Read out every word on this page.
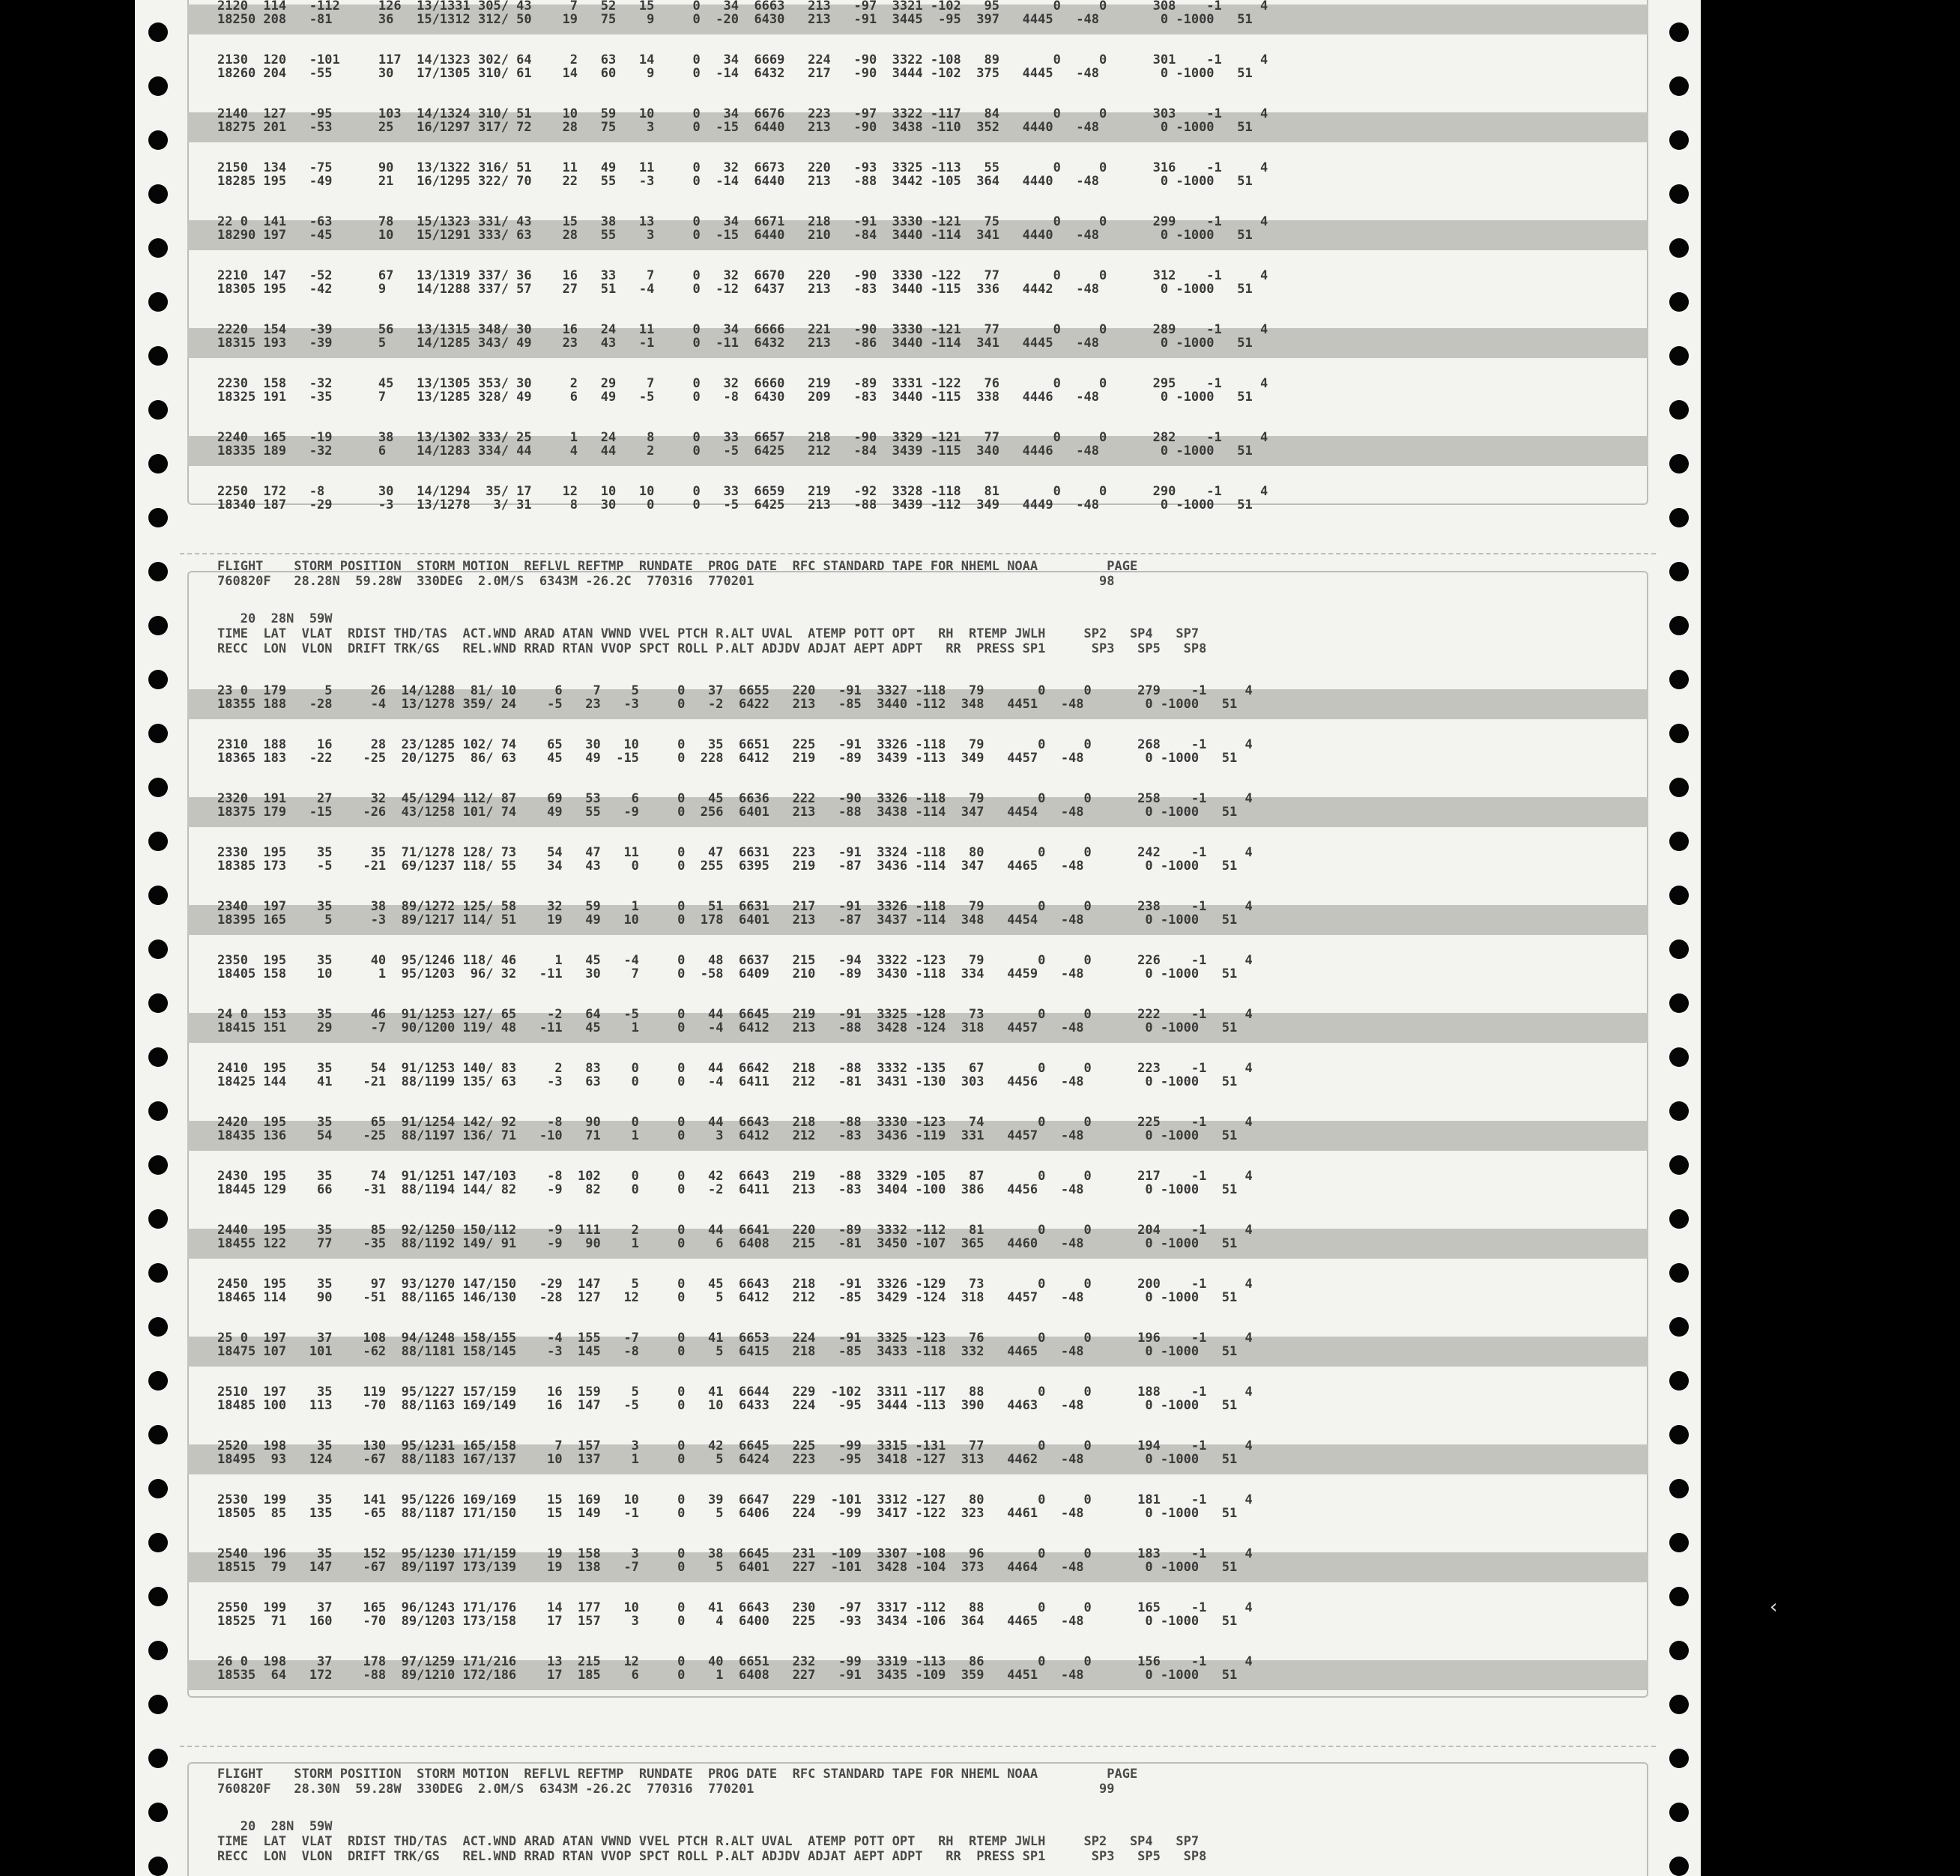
FLIGHT    STORM POSITION  STORM MOTION  REFLVL REFTMP  RUNDATE  PROG DATE  RFC STANDARD TAPE FOR NHEML NOAA         PAGE
760820F   28.28N  59.28W  330DEG  2.0M/S  6343M -26.2C  770316  770201                                             98
20  28N  59W
TIME  LAT  VLAT  RDIST THD/TAS  ACT.WND ARAD ATAN VWND VVEL PTCH R.ALT UVAL  ATEMP POTT OPT   RH  RTEMP JWLH     SP2   SP4   SP7
RECC  LON  VLON  DRIFT TRK/GS   REL.WND RRAD RTAN VVOP SPCT ROLL P.ALT ADJDV ADJAT AEPT ADPT   RR  PRESS SP1      SP3   SP5   SP8
FLIGHT    STORM POSITION  STORM MOTION  REFLVL REFTMP  RUNDATE  PROG DATE  RFC STANDARD TAPE FOR NHEML NOAA         PAGE
760820F   28.30N  59.28W  330DEG  2.0M/S  6343M -26.2C  770316  770201                                             99
20  28N  59W
TIME  LAT  VLAT  RDIST THD/TAS  ACT.WND ARAD ATAN VWND VVEL PTCH R.ALT UVAL  ATEMP POTT OPT   RH  RTEMP JWLH     SP2   SP4   SP7
RECC  LON  VLON  DRIFT TRK/GS   REL.WND RRAD RTAN VVOP SPCT ROLL P.ALT ADJDV ADJAT AEPT ADPT   RR  PRESS SP1      SP3   SP5   SP8
2120  114   -112     126  13/1331 305/ 43     7   52   15     0   34  6663   213   -97  3321 -102   95       0     0      308    -1     4
18250 208   -81      36   15/1312 312/ 50    19   75    9     0  -20  6430   213   -91  3445  -95  397   4445   -48        0 -1000   51
2130  120   -101     117  14/1323 302/ 64     2   63   14     0   34  6669   224   -90  3322 -108   89       0     0      301    -1     4
18260 204   -55      30   17/1305 310/ 61    14   60    9     0  -14  6432   217   -90  3444 -102  375   4445   -48        0 -1000   51
2140  127   -95      103  14/1324 310/ 51    10   59   10     0   34  6676   223   -97  3322 -117   84       0     0      303    -1     4
18275 201   -53      25   16/1297 317/ 72    28   75    3     0  -15  6440   213   -90  3438 -110  352   4440   -48        0 -1000   51
2150  134   -75      90   13/1322 316/ 51    11   49   11     0   32  6673   220   -93  3325 -113   55       0     0      316    -1     4
18285 195   -49      21   16/1295 322/ 70    22   55   -3     0  -14  6440   213   -88  3442 -105  364   4440   -48        0 -1000   51
22 0  141   -63      78   15/1323 331/ 43    15   38   13     0   34  6671   218   -91  3330 -121   75       0     0      299    -1     4
18290 197   -45      10   15/1291 333/ 63    28   55    3     0  -15  6440   210   -84  3440 -114  341   4440   -48        0 -1000   51
2210  147   -52      67   13/1319 337/ 36    16   33    7     0   32  6670   220   -90  3330 -122   77       0     0      312    -1     4
18305 195   -42      9    14/1288 337/ 57    27   51   -4     0  -12  6437   213   -83  3440 -115  336   4442   -48        0 -1000   51
2220  154   -39      56   13/1315 348/ 30    16   24   11     0   34  6666   221   -90  3330 -121   77       0     0      289    -1     4
18315 193   -39      5    14/1285 343/ 49    23   43   -1     0  -11  6432   213   -86  3440 -114  341   4445   -48        0 -1000   51
2230  158   -32      45   13/1305 353/ 30     2   29    7     0   32  6660   219   -89  3331 -122   76       0     0      295    -1     4
18325 191   -35      7    13/1285 328/ 49     6   49   -5     0   -8  6430   209   -83  3440 -115  338   4446   -48        0 -1000   51
2240  165   -19      38   13/1302 333/ 25     1   24    8     0   33  6657   218   -90  3329 -121   77       0     0      282    -1     4
18335 189   -32      6    14/1283 334/ 44     4   44    2     0   -5  6425   212   -84  3439 -115  340   4446   -48        0 -1000   51
2250  172   -8       30   14/1294  35/ 17    12   10   10     0   33  6659   219   -92  3328 -118   81       0     0      290    -1     4
18340 187   -29      -3   13/1278   3/ 31     8   30    0     0   -5  6425   213   -88  3439 -112  349   4449   -48        0 -1000   51
23 0  179     5     26  14/1288  81/ 10     6    7    5     0   37  6655   220   -91  3327 -118   79       0     0      279    -1     4
18355 188   -28     -4  13/1278 359/ 24    -5   23   -3     0   -2  6422   213   -85  3440 -112  348   4451   -48        0 -1000   51
2310  188    16     28  23/1285 102/ 74    65   30   10     0   35  6651   225   -91  3326 -118   79       0     0      268    -1     4
18365 183   -22    -25  20/1275  86/ 63    45   49  -15     0  228  6412   219   -89  3439 -113  349   4457   -48        0 -1000   51
2320  191    27     32  45/1294 112/ 87    69   53    6     0   45  6636   222   -90  3326 -118   79       0     0      258    -1     4
18375 179   -15    -26  43/1258 101/ 74    49   55   -9     0  256  6401   213   -88  3438 -114  347   4454   -48        0 -1000   51
2330  195    35     35  71/1278 128/ 73    54   47   11     0   47  6631   223   -91  3324 -118   80       0     0      242    -1     4
18385 173    -5    -21  69/1237 118/ 55    34   43    0     0  255  6395   219   -87  3436 -114  347   4465   -48        0 -1000   51
2340  197    35     38  89/1272 125/ 58    32   59    1     0   51  6631   217   -91  3326 -118   79       0     0      238    -1     4
18395 165     5     -3  89/1217 114/ 51    19   49   10     0  178  6401   213   -87  3437 -114  348   4454   -48        0 -1000   51
2350  195    35     40  95/1246 118/ 46     1   45   -4     0   48  6637   215   -94  3322 -123   79       0     0      226    -1     4
18405 158    10      1  95/1203  96/ 32   -11   30    7     0  -58  6409   210   -89  3430 -118  334   4459   -48        0 -1000   51
24 0  153    35     46  91/1253 127/ 65    -2   64   -5     0   44  6645   219   -91  3325 -128   73       0     0      222    -1     4
18415 151    29     -7  90/1200 119/ 48   -11   45    1     0   -4  6412   213   -88  3428 -124  318   4457   -48        0 -1000   51
2410  195    35     54  91/1253 140/ 83     2   83    0     0   44  6642   218   -88  3332 -135   67       0     0      223    -1     4
18425 144    41    -21  88/1199 135/ 63    -3   63    0     0   -4  6411   212   -81  3431 -130  303   4456   -48        0 -1000   51
2420  195    35     65  91/1254 142/ 92    -8   90    0     0   44  6643   218   -88  3330 -123   74       0     0      225    -1     4
18435 136    54    -25  88/1197 136/ 71   -10   71    1     0    3  6412   212   -83  3436 -119  331   4457   -48        0 -1000   51
2430  195    35     74  91/1251 147/103    -8  102    0     0   42  6643   219   -88  3329 -105   87       0     0      217    -1     4
18445 129    66    -31  88/1194 144/ 82    -9   82    0     0   -2  6411   213   -83  3404 -100  386   4456   -48        0 -1000   51
2440  195    35     85  92/1250 150/112    -9  111    2     0   44  6641   220   -89  3332 -112   81       0     0      204    -1     4
18455 122    77    -35  88/1192 149/ 91    -9   90    1     0    6  6408   215   -81  3450 -107  365   4460   -48        0 -1000   51
2450  195    35     97  93/1270 147/150   -29  147    5     0   45  6643   218   -91  3326 -129   73       0     0      200    -1     4
18465 114    90    -51  88/1165 146/130   -28  127   12     0    5  6412   212   -85  3429 -124  318   4457   -48        0 -1000   51
25 0  197    37    108  94/1248 158/155    -4  155   -7     0   41  6653   224   -91  3325 -123   76       0     0      196    -1     4
18475 107   101    -62  88/1181 158/145    -3  145   -8     0    5  6415   218   -85  3433 -118  332   4465   -48        0 -1000   51
2510  197    35    119  95/1227 157/159    16  159    5     0   41  6644   229  -102  3311 -117   88       0     0      188    -1     4
18485 100   113    -70  88/1163 169/149    16  147   -5     0   10  6433   224   -95  3444 -113  390   4463   -48        0 -1000   51
2520  198    35    130  95/1231 165/158     7  157    3     0   42  6645   225   -99  3315 -131   77       0     0      194    -1     4
18495  93   124    -67  88/1183 167/137    10  137    1     0    5  6424   223   -95  3418 -127  313   4462   -48        0 -1000   51
2530  199    35    141  95/1226 169/169    15  169   10     0   39  6647   229  -101  3312 -127   80       0     0      181    -1     4
18505  85   135    -65  88/1187 171/150    15  149   -1     0    5  6406   224   -99  3417 -122  323   4461   -48        0 -1000   51
2540  196    35    152  95/1230 171/159    19  158    3     0   38  6645   231  -109  3307 -108   96       0     0      183    -1     4
18515  79   147    -67  89/1197 173/139    19  138   -7     0    5  6401   227  -101  3428 -104  373   4464   -48        0 -1000   51
2550  199    37    165  96/1243 171/176    14  177   10     0   41  6643   230   -97  3317 -112   88       0     0      165    -1     4
18525  71   160    -70  89/1203 173/158    17  157    3     0    4  6400   225   -93  3434 -106  364   4465   -48        0 -1000   51
26 0  198    37    178  97/1259 171/216    13  215   12     0   40  6651   232   -99  3319 -113   86       0     0      156    -1     4
18535  64   172    -88  89/1210 172/186    17  185    6     0    1  6408   227   -91  3435 -109  359   4451   -48        0 -1000   51
‹
